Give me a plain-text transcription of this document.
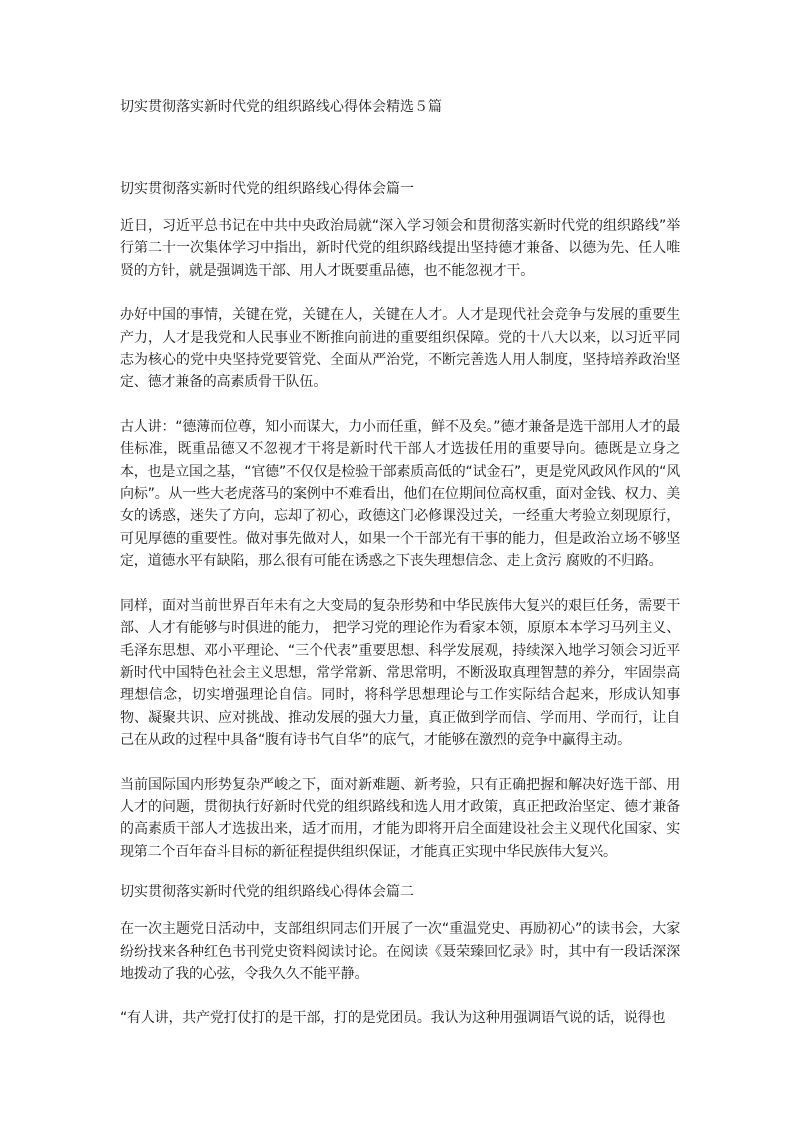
切实贯彻落实新时代党的组织路线心得体会精选５篇
切实贯彻落实新时代党的组织路线心得体会篇一

近日，习近平总书记在中共中央政治局就“深入学习领会和贯彻落实新时代党的组织路线”举行第二十一次集体学习中指出，新时代党的组织路线提出坚持德才兼备、以德为先、任人唯贤的方针，就是强调选干部、用人才既要重品德，也不能忽视才干。

办好中国的事情，关键在党，关键在人，关键在人才。人才是现代社会竞争与发展的重要生产力，人才是我党和人民事业不断推向前进的重要组织保障。党的十八大以来，以习近平同志为核心的党中央坚持党要管党、全面从严治党，不断完善选人用人制度，坚持培养政治坚定、德才兼备的高素质骨干队伍。

古人讲：“德薄而位尊，知小而谋大，力小而任重，鲜不及矣。”德才兼备是选干部用人才的最佳标准，既重品德又不忽视才干将是新时代干部人才选拔任用的重要导向。德既是立身之本，也是立国之基，“官德”不仅仅是检验干部素质高低的“试金石”，更是党风政风作风的“风向标”。从一些大老虎落马的案例中不难看出，他们在位期间位高权重，面对金钱、权力、美女的诱惑，迷失了方向，忘却了初心，政德这门必修课没过关，一经重大考验立刻现原行，可见厚德的重要性。做对事先做对人，如果一个干部光有干事的能力，但是政治立场不够坚定，道德水平有缺陷，那么很有可能在诱惑之下丧失理想信念、走上贪污 腐败的不归路。

同样，面对当前世界百年未有之大变局的复杂形势和中华民族伟大复兴的艰巨任务，需要干部、人才有能够与时俱进的能力， 把学习党的理论作为看家本领，原原本本学习马列主义、毛泽东思想、邓小平理论、“三个代表”重要思想、科学发展观，持续深入地学习领会习近平新时代中国特色社会主义思想，常学常新、常思常明，不断汲取真理智慧的养分，牢固崇高理想信念，切实增强理论自信。同时，将科学思想理论与工作实际结合起来，形成认知事物、凝聚共识、应对挑战、推动发展的强大力量，真正做到学而信、学而用、学而行，让自己在从政的过程中具备“腹有诗书气自华”的底气，才能够在激烈的竞争中赢得主动。

当前国际国内形势复杂严峻之下，面对新难题、新考验，只有正确把握和解决好选干部、用人才的问题，贯彻执行好新时代党的组织路线和选人用才政策，真正把政治坚定、德才兼备的高素质干部人才选拔出来，适才而用，才能为即将开启全面建设社会主义现代化国家、实现第二个百年奋斗目标的新征程提供组织保证，才能真正实现中华民族伟大复兴。

切实贯彻落实新时代党的组织路线心得体会篇二

在一次主题党日活动中，支部组织同志们开展了一次“重温党史、再励初心”的读书会，大家纷纷找来各种红色书刊党史资料阅读讨论。在阅读《聂荣臻回忆录》时，其中有一段话深深地拨动了我的心弦，令我久久不能平静。

“有人讲，共产党打仗打的是干部，打的是党团员。我认为这种用强调语气说的话，说得也
